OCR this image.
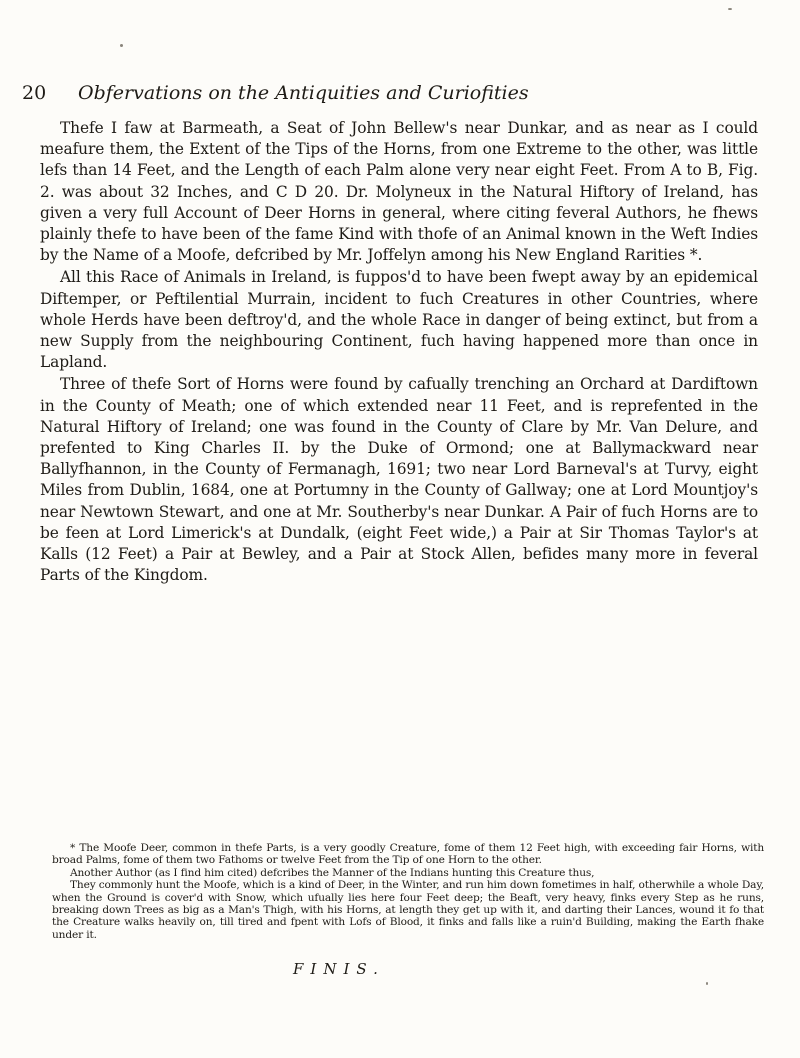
20 Obfervations on the Antiquities and Curiofities

Thefe I faw at Barmeath, a Seat of John Bellew's near Dunkar, and as near as I could meafure them, the Extent of the Tips of the Horns, from one Extreme to the other, was little lefs than 14 Feet, and the Length of each Palm alone very near eight Feet. From A to B, Fig. 2. was about 32 Inches, and C D 20. Dr. Molyneux in the Natural Hiftory of Ireland, has given a very full Account of Deer Horns in general, where citing feveral Authors, he fhews plainly thefe to have been of the fame Kind with thofe of an Animal known in the Weft Indies by the Name of a Moofe, defcribed by Mr. Joffelyn among his New England Rarities *.

All this Race of Animals in Ireland, is fuppos'd to have been fwept away by an epidemical Diftemper, or Peftilential Murrain, incident to fuch Creatures in other Countries, where whole Herds have been deftroy'd, and the whole Race in danger of being extinct, but from a new Supply from the neighbouring Continent, fuch having happened more than once in Lapland.

Three of thefe Sort of Horns were found by cafually trenching an Orchard at Dardiftown in the County of Meath; one of which extended near 11 Feet, and is reprefented in the Natural Hiftory of Ireland; one was found in the County of Clare by Mr. Van Delure, and prefented to King Charles II. by the Duke of Ormond; one at Ballymackward near Ballyfhannon, in the County of Fermanagh, 1691; two near Lord Barneval's at Turvy, eight Miles from Dublin, 1684, one at Portumny in the County of Gallway; one at Lord Mountjoy's near Newtown Stewart, and one at Mr. Southerby's near Dunkar. A Pair of fuch Horns are to be feen at Lord Limerick's at Dundalk, (eight Feet wide,) a Pair at Sir Thomas Taylor's at Kalls (12 Feet) a Pair at Bewley, and a Pair at Stock Allen, befides many more in feveral Parts of the Kingdom.

* The Moofe Deer, common in thefe Parts, is a very goodly Creature, fome of them 12 Feet high, with exceeding fair Horns, with broad Palms, fome of them two Fathoms or twelve Feet from the Tip of one Horn to the other.

Another Author (as I find him cited) defcribes the Manner of the Indians hunting this Creature thus,

They commonly hunt the Moofe, which is a kind of Deer, in the Winter, and run him down fometimes in half, otherwhile a whole Day, when the Ground is cover'd with Snow, which ufually lies here four Feet deep; the Beaft, very heavy, finks every Step as he runs, breaking down Trees as big as a Man's Thigh, with his Horns, at length they get up with it, and darting their Lances, wound it fo that the Creature walks heavily on, till tired and fpent with Lofs of Blood, it finks and falls like a ruin'd Building, making the Earth fhake under it.

FINIS.
